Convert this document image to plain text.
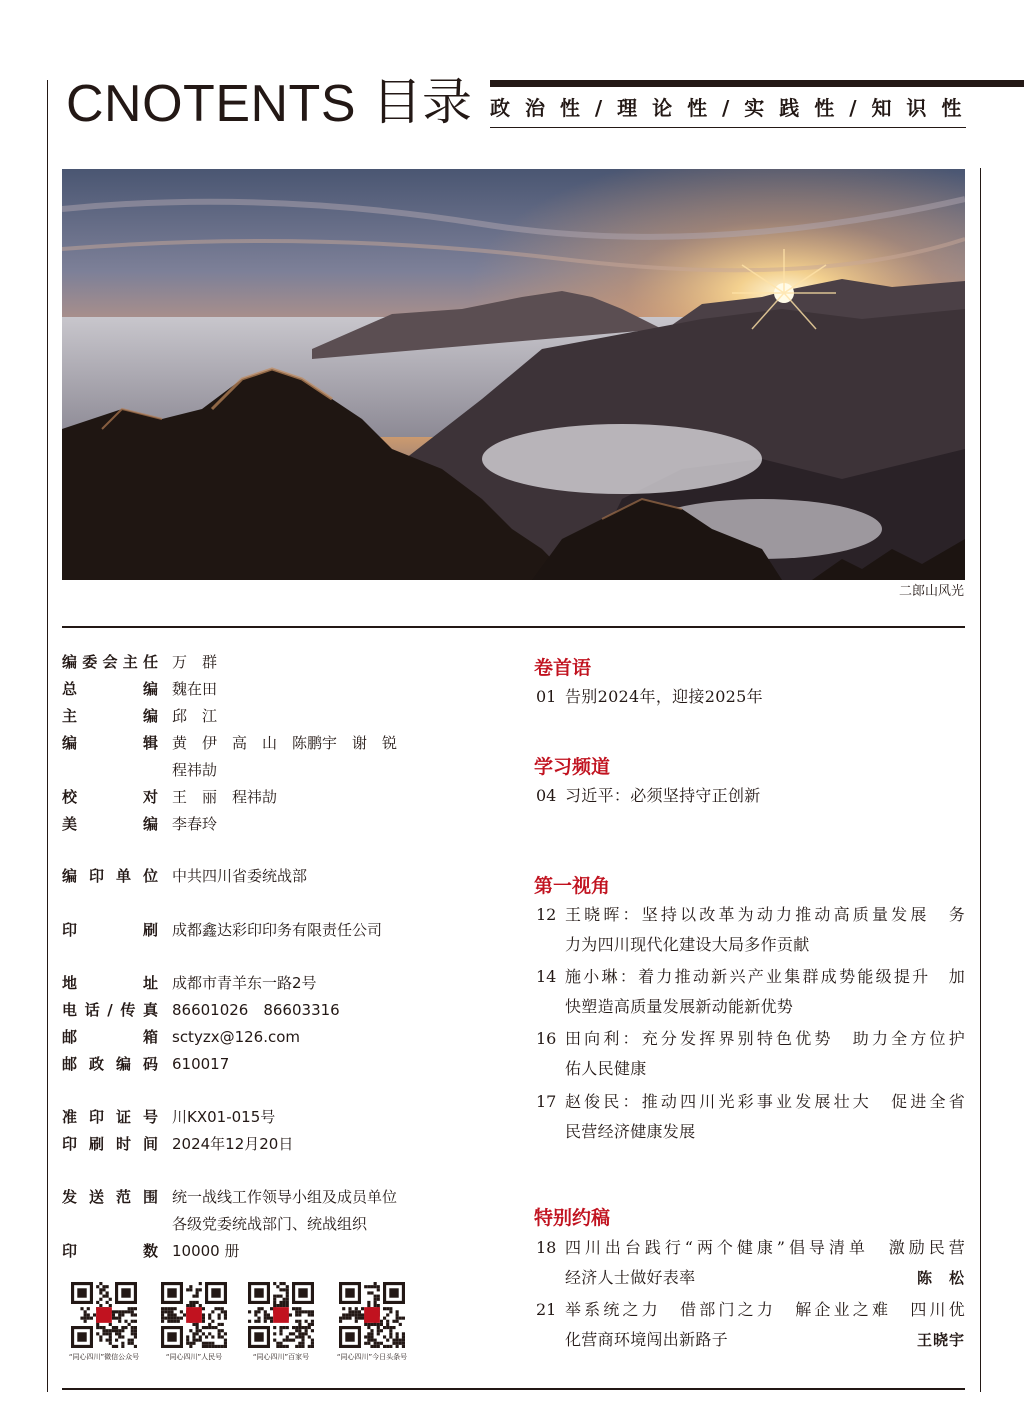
CNOTENTS 目录 政 治 性 / 理 论 性 / 实 践 性 / 知 识 性
二郎山风光
编委会主任 万　群
总编 魏在田
主编 邱　江
编辑 黄　伊　高　山　陈鹏宇　谢　锐
程祎劼
校对 王　丽　程祎劼
美编 李春玲
编印单位 中共四川省委统战部
印刷 成都鑫达彩印印务有限责任公司
地址 成都市青羊东一路2号
电话/传真 86601026　86603316
邮箱 sctyzx@126.com
邮政编码 610017
准印证号 川KX01-015号
印刷时间 2024年12月20日
发送范围 统一战线工作领导小组及成员单位
各级党委统战部门、统战组织
印数 10000 册
“同心四川”微信公众号	“同心四川”人民号	“同心四川”百家号	“同心四川”今日头条号
卷首语
01 告别2024年，迎接2025年
学习频道
04 习近平：必须坚持守正创新
第一视角
12 王晓晖：坚持以改革为动力推动高质量发展　务
力为四川现代化建设大局多作贡献
14 施小琳：着力推动新兴产业集群成势能级提升　加
快塑造高质量发展新动能新优势
16 田向利：充分发挥界别特色优势　助力全方位护
佑人民健康
17 赵俊民：推动四川光彩事业发展壮大　促进全省
民营经济健康发展
特别约稿
18 四川出台践行“两个健康”倡导清单　激励民营
经济人士做好表率	陈　松
21 举系统之力　借部门之力　解企业之难　四川优
化营商环境闯出新路子	王晓宇
